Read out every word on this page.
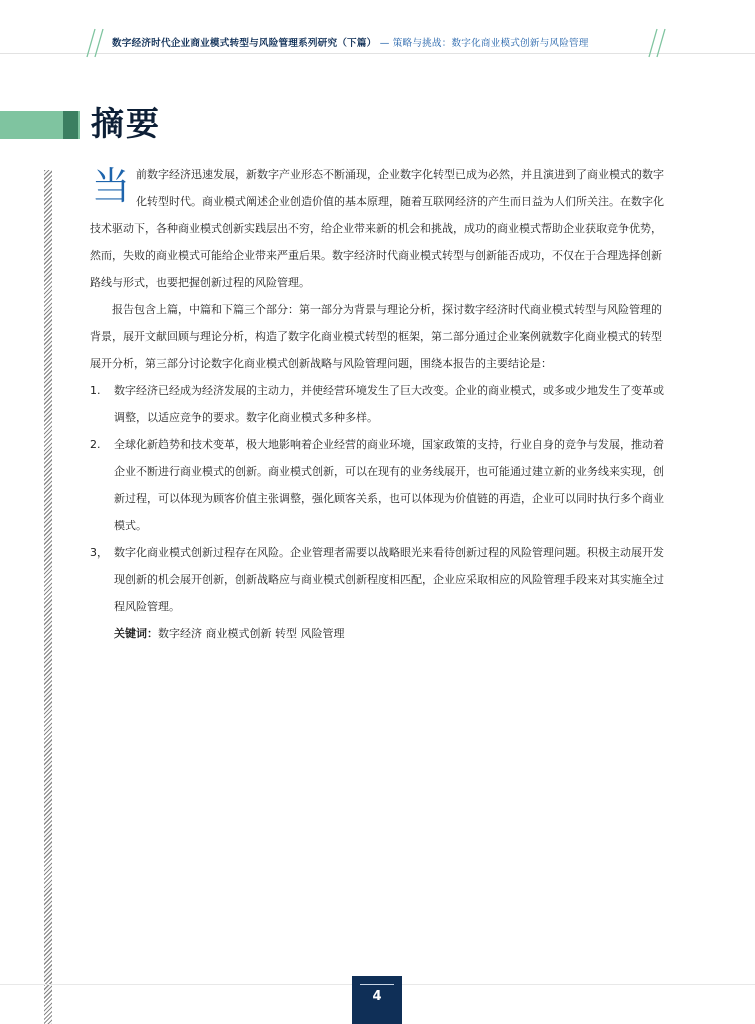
数字经济时代企业商业模式转型与风险管理系列研究（下篇） — 策略与挑战：数字化商业模式创新与风险管理
摘要

当前数字经济迅速发展，新数字产业形态不断涌现，企业数字化转型已成为必然，并且演进到了商业模式的数字化转型时代。商业模式阐述企业创造价值的基本原理，随着互联网经济的产生而日益为人们所关注。在数字化技术驱动下，各种商业模式创新实践层出不穷，给企业带来新的机会和挑战，成功的商业模式帮助企业获取竞争优势，然而，失败的商业模式可能给企业带来严重后果。数字经济时代商业模式转型与创新能否成功，不仅在于合理选择创新路线与形式，也要把握创新过程的风险管理。

报告包含上篇，中篇和下篇三个部分：第一部分为背景与理论分析，探讨数字经济时代商业模式转型与风险管理的背景，展开文献回顾与理论分析，构造了数字化商业模式转型的框架，第二部分通过企业案例就数字化商业模式的转型展开分析，第三部分讨论数字化商业模式创新战略与风险管理问题，围绕本报告的主要结论是：

1. 数字经济已经成为经济发展的主动力，并使经营环境发生了巨大改变。企业的商业模式，或多或少地发生了变革或调整，以适应竞争的要求。数字化商业模式多种多样。

2. 全球化新趋势和技术变革，极大地影响着企业经营的商业环境，国家政策的支持，行业自身的竞争与发展，推动着企业不断进行商业模式的创新。商业模式创新，可以在现有的业务线展开，也可能通过建立新的业务线来实现，创新过程，可以体现为顾客价值主张调整，强化顾客关系，也可以体现为价值链的再造，企业可以同时执行多个商业模式。

3， 数字化商业模式创新过程存在风险。企业管理者需要以战略眼光来看待创新过程的风险管理问题。积极主动展开发现创新的机会展开创新，创新战略应与商业模式创新程度相匹配，企业应采取相应的风险管理手段来对其实施全过程风险管理。

关键词：数字经济 商业模式创新 转型 风险管理

4
